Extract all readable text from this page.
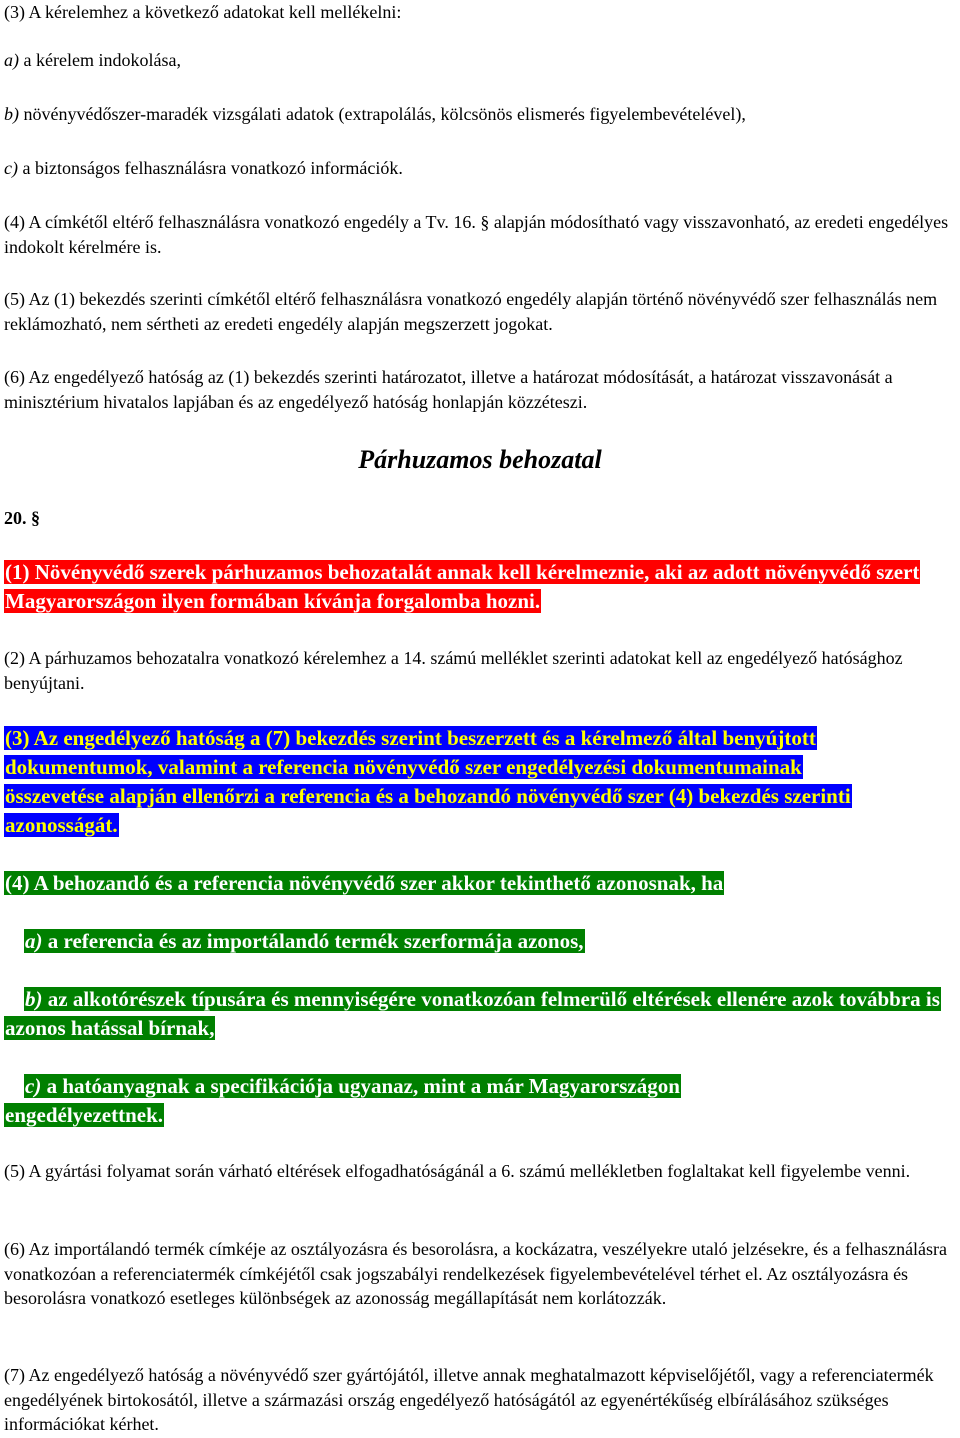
(3) A kérelemhez a következő adatokat kell mellékelni:

a) a kérelem indokolása,

b) növényvédőszer-maradék vizsgálati adatok (extrapolálás, kölcsönös elismerés figyelembevételével),

c) a biztonságos felhasználásra vonatkozó információk.

(4) A címkétől eltérő felhasználásra vonatkozó engedély a Tv. 16. § alapján módosítható vagy visszavonható, az eredeti engedélyes indokolt kérelmére is.

(5) Az (1) bekezdés szerinti címkétől eltérő felhasználásra vonatkozó engedély alapján történő növényvédő szer felhasználás nem reklámozható, nem sértheti az eredeti engedély alapján megszerzett jogokat.

(6) Az engedélyező hatóság az (1) bekezdés szerinti határozatot, illetve a határozat módosítását, a határozat visszavonását a minisztérium hivatalos lapjában és az engedélyező hatóság honlapján közzéteszi.

Párhuzamos behozatal
20. §

(1) Növényvédő szerek párhuzamos behozatalát annak kell kérelmeznie, aki az adott növényvédő szert Magyarországon ilyen formában kívánja forgalomba hozni.

(2) A párhuzamos behozatalra vonatkozó kérelemhez a 14. számú melléklet szerinti adatokat kell az engedélyező hatósághoz benyújtani.

(3) Az engedélyező hatóság a (7) bekezdés szerint beszerzett és a kérelmező által benyújtott dokumentumok, valamint a referencia növényvédő szer engedélyezési dokumentumainak összevetése alapján ellenőrzi a referencia és a behozandó növényvédő szer (4) bekezdés szerinti azonosságát.

(4) A behozandó és a referencia növényvédő szer akkor tekinthető azonosnak, ha

a) a referencia és az importálandó termék szerformája azonos,

b) az alkotórészek típusára és mennyiségére vonatkozóan felmerülő eltérések ellenére azok továbbra is azonos hatással bírnak,

c) a hatóanyagnak a specifikációja ugyanaz, mint a már Magyarországon engedélyezettnek.

(5) A gyártási folyamat során várható eltérések elfogadhatóságánál a 6. számú mellékletben foglaltakat kell figyelembe venni.

(6) Az importálandó termék címkéje az osztályozásra és besorolásra, a kockázatra, veszélyekre utaló jelzésekre, és a felhasználásra vonatkozóan a referenciatermék címkéjétől csak jogszabályi rendelkezések figyelembevételével térhet el. Az osztályozásra és besorolásra vonatkozó esetleges különbségek az azonosság megállapítását nem korlátozzák.

(7) Az engedélyező hatóság a növényvédő szer gyártójától, illetve annak meghatalmazott képviselőjétől, vagy a referenciatermék engedélyének birtokosától, illetve a származási ország engedélyező hatóságától az egyenértékűség elbírálásához szükséges információkat kérhet.
